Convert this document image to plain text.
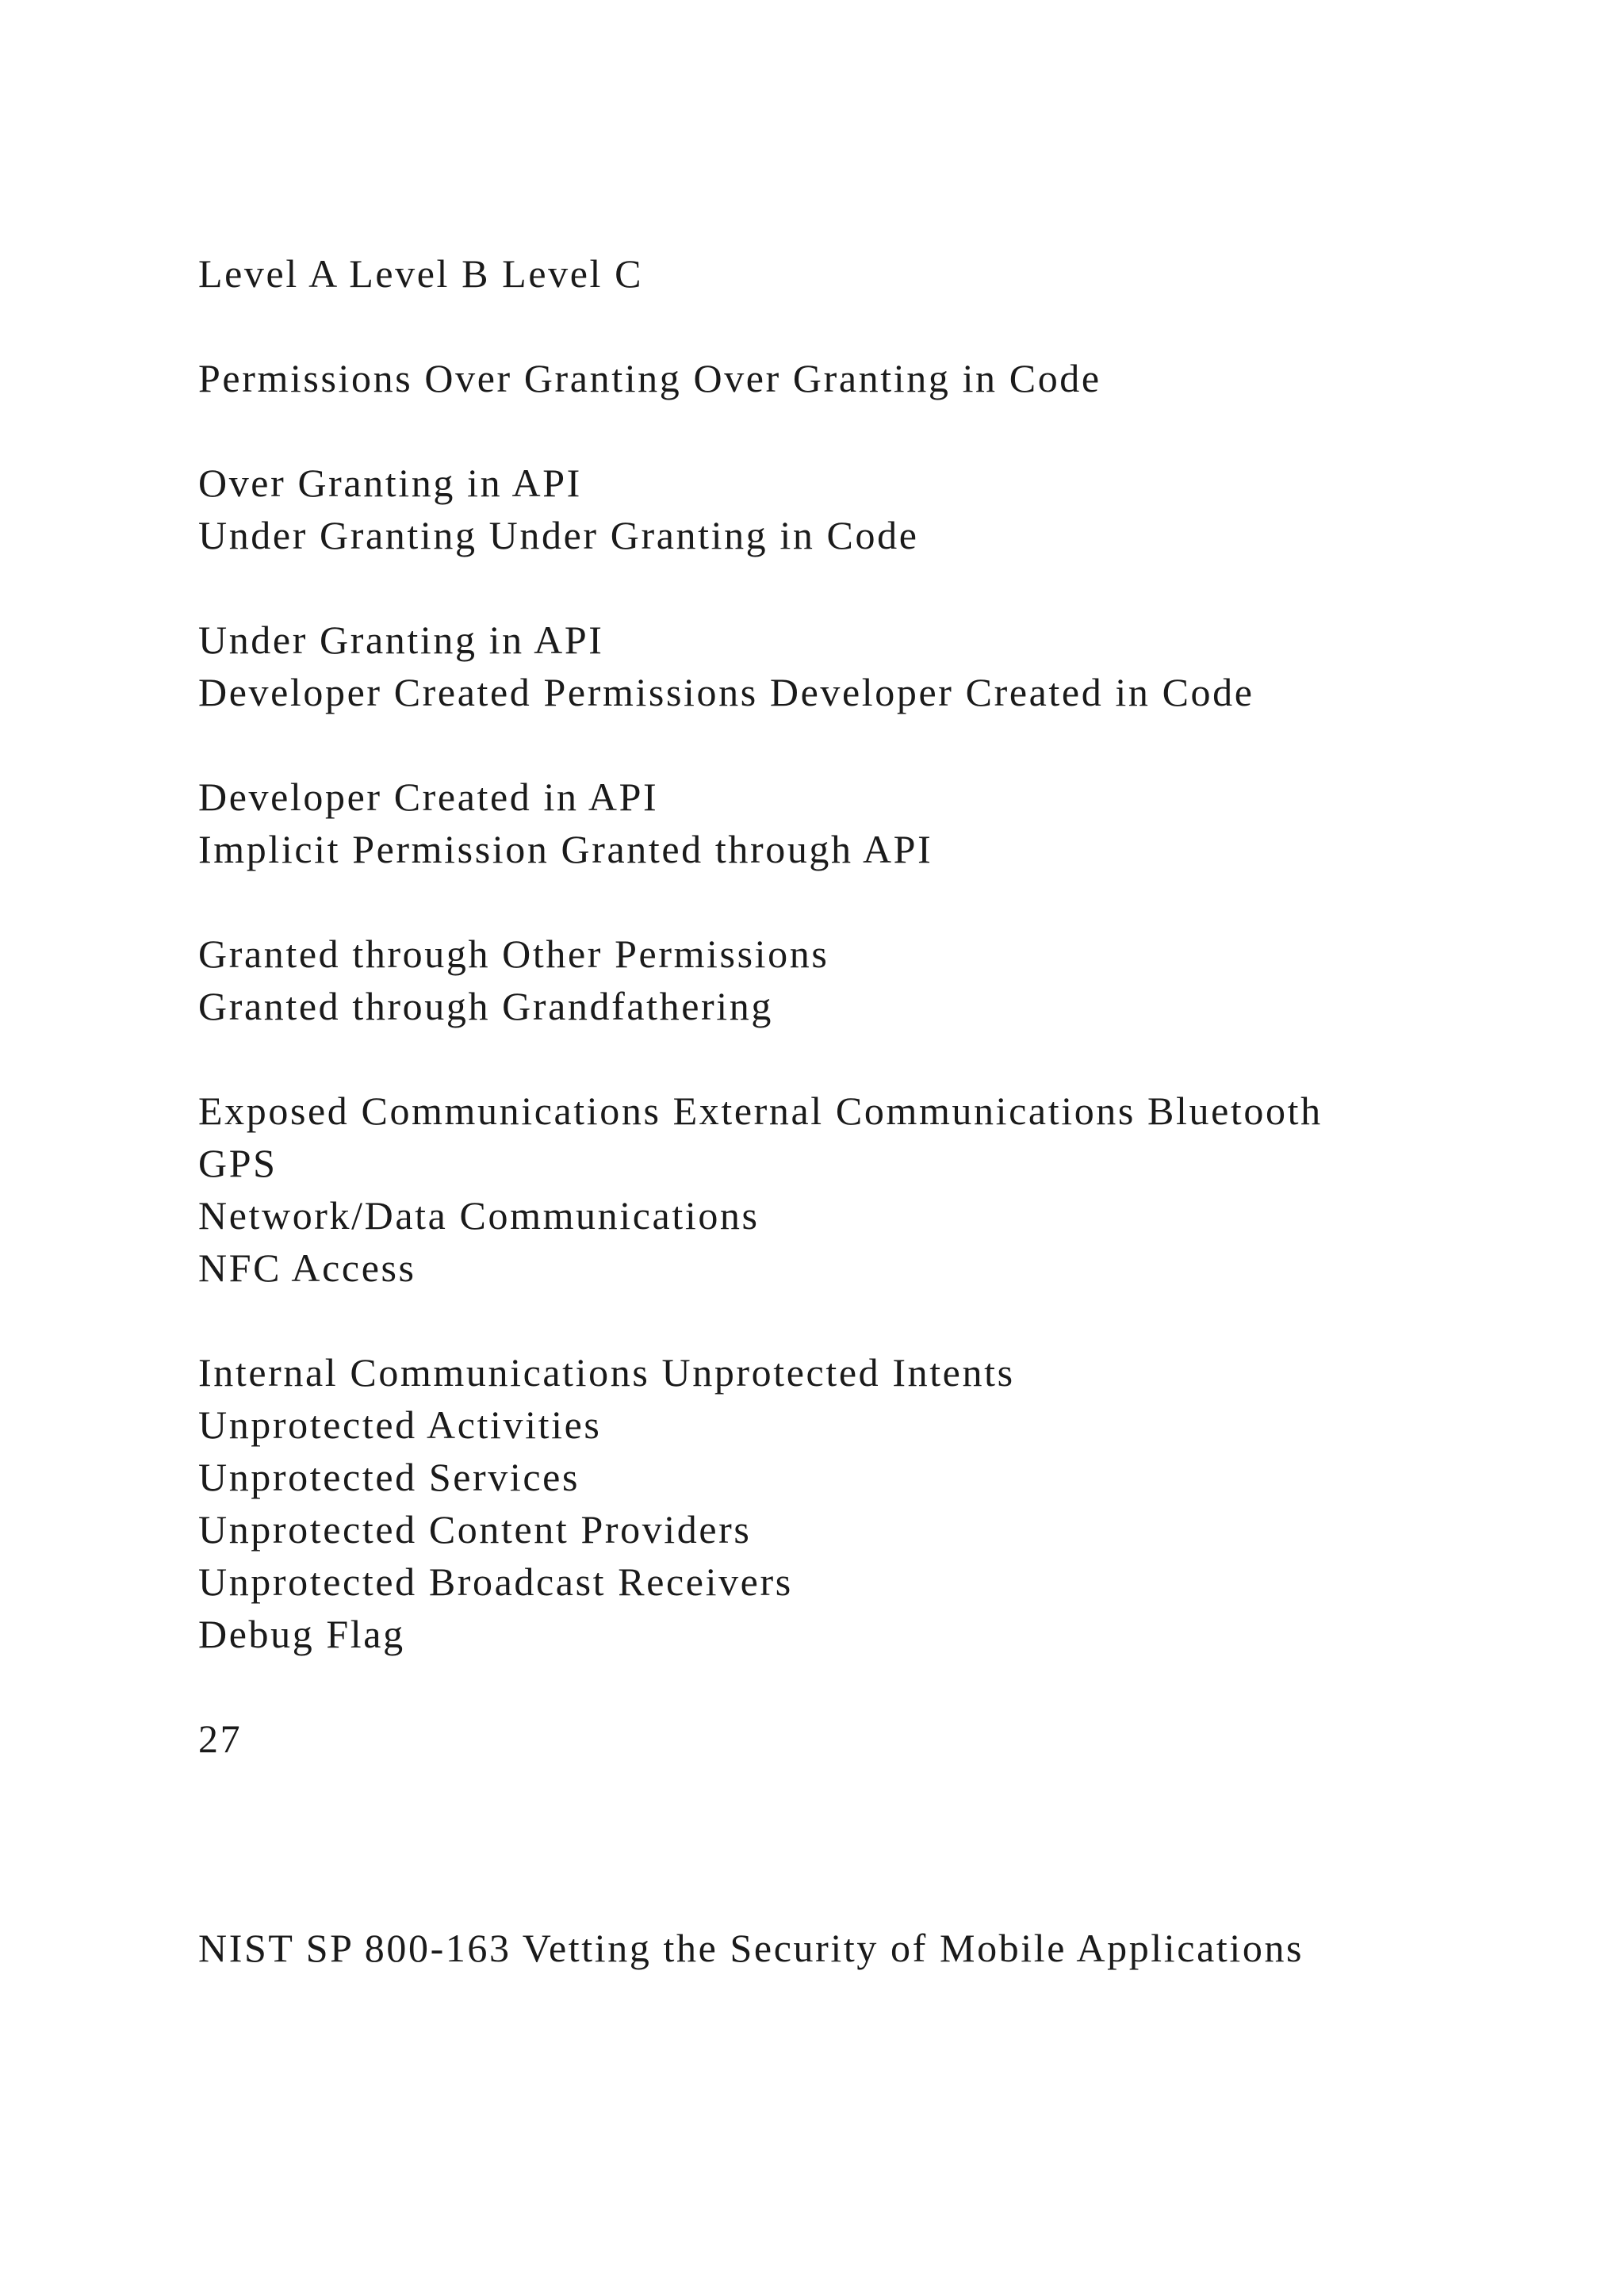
Level A Level B Level C
Permissions Over Granting Over Granting in Code
Over Granting in API
Under Granting Under Granting in Code
Under Granting in API
Developer Created Permissions Developer Created in Code
Developer Created in API
Implicit Permission Granted through API
Granted through Other Permissions
Granted through Grandfathering
Exposed Communications External Communications Bluetooth
GPS
Network/Data Communications
NFC Access
Internal Communications Unprotected Intents
Unprotected Activities
Unprotected Services
Unprotected Content Providers
Unprotected Broadcast Receivers
Debug Flag
27
NIST SP 800-163 Vetting the Security of Mobile Applications
